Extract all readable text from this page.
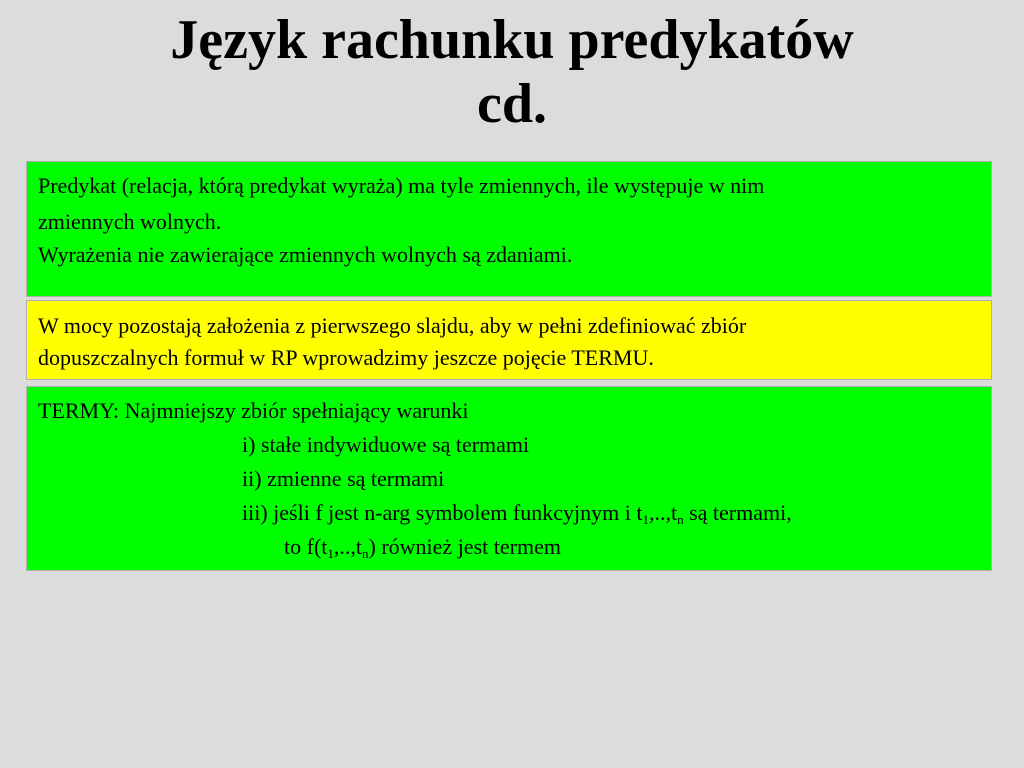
Język rachunku predykatów
cd.
Predykat (relacja, którą predykat wyraża) ma tyle zmiennych, ile występuje w nim
zmiennych wolnych.
Wyrażenia nie zawierające zmiennych wolnych są zdaniami.
W mocy pozostają założenia z pierwszego slajdu, aby w pełni zdefiniować zbiór
dopuszczalnych formuł w RP wprowadzimy jeszcze pojęcie TERMU.
TERMY: Najmniejszy zbiór spełniający warunki
i) stałe indywiduowe są termami
ii) zmienne są termami
iii) jeśli f jest n-arg symbolem funkcyjnym i $t_1,..,t_n$ są termami,
to $f(t_1,..,t_n)$ również jest termem
